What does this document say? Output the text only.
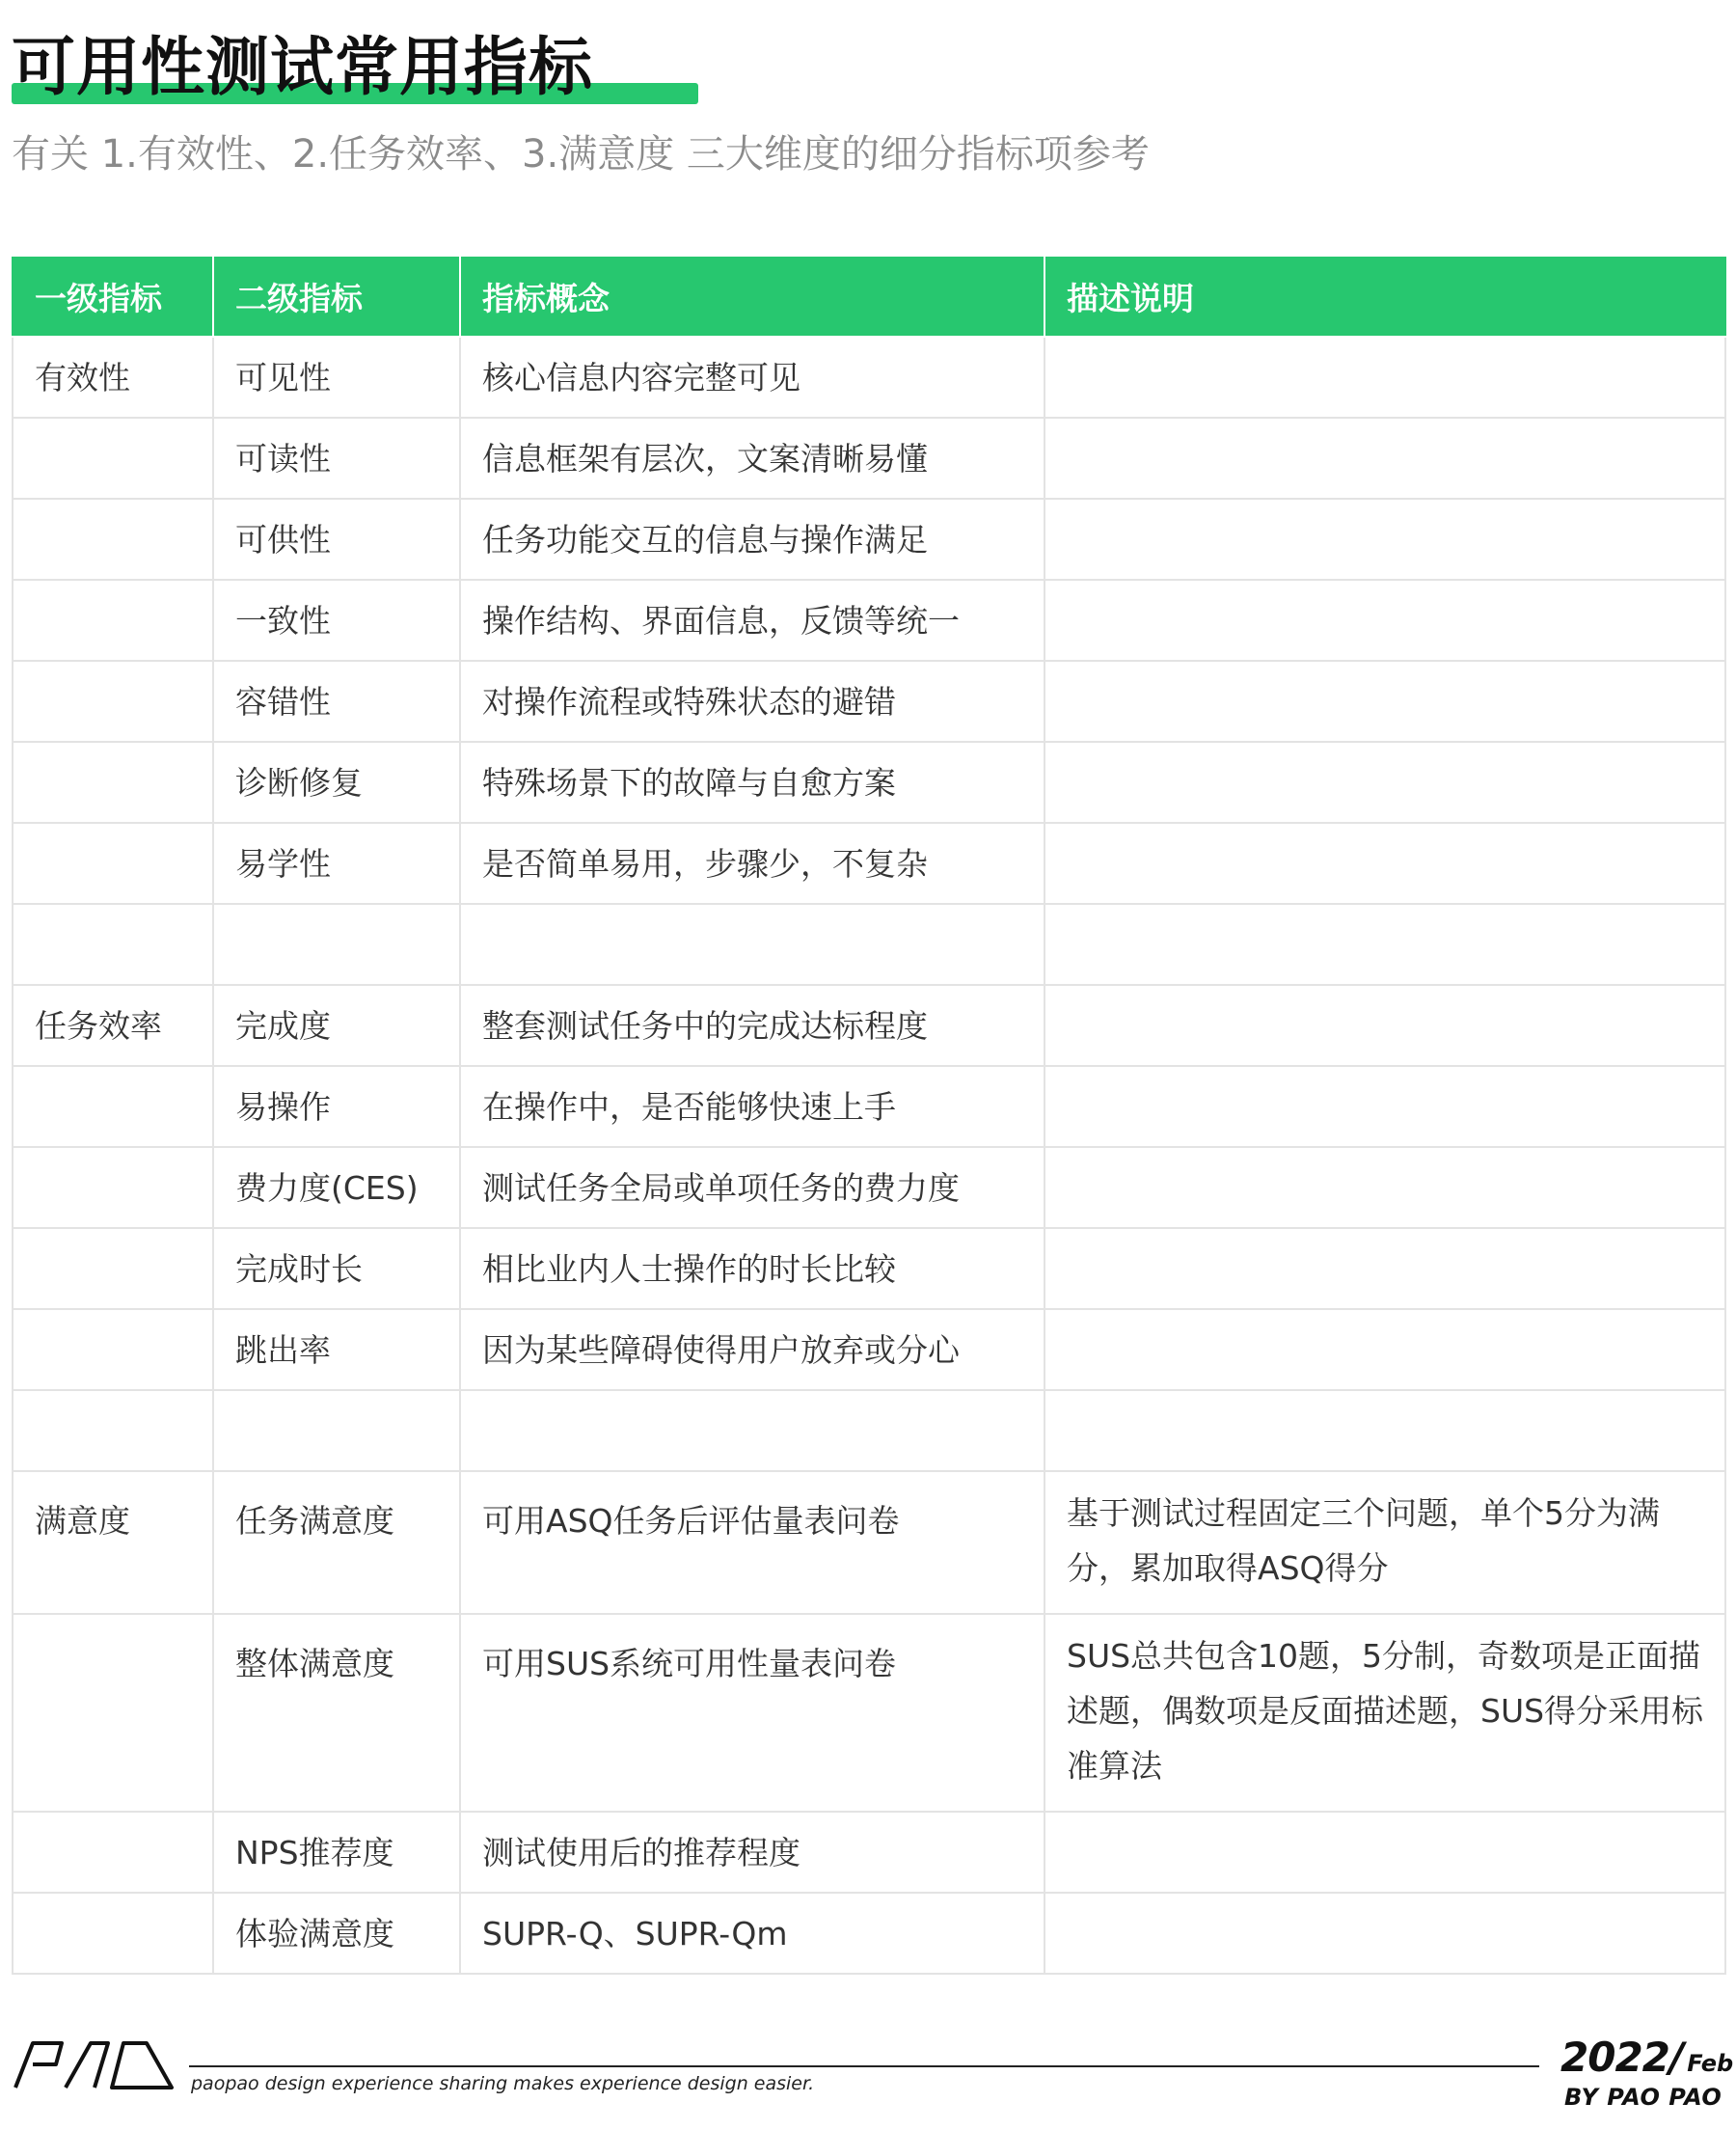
可用性测试常用指标
有关 1.有效性、2.任务效率、3.满意度 三大维度的细分指标项参考
一级指标	二级指标	指标概念	描述说明
有效性	可见性	核心信息内容完整可见	
	可读性	信息框架有层次，文案清晰易懂	
	可供性	任务功能交互的信息与操作满足	
	一致性	操作结构、界面信息，反馈等统一	
	容错性	对操作流程或特殊状态的避错	
	诊断修复	特殊场景下的故障与自愈方案	
	易学性	是否简单易用，步骤少，不复杂	

任务效率	完成度	整套测试任务中的完成达标程度	
	易操作	在操作中，是否能够快速上手	
	费力度(CES)	测试任务全局或单项任务的费力度	
	完成时长	相比业内人士操作的时长比较	
	跳出率	因为某些障碍使得用户放弃或分心	

满意度	任务满意度	可用ASQ任务后评估量表问卷	基于测试过程固定三个问题，单个5分为满分，累加取得ASQ得分
	整体满意度	可用SUS系统可用性量表问卷	SUS总共包含10题，5分制，奇数项是正面描述题，偶数项是反面描述题，SUS得分采用标准算法
	NPS推荐度	测试使用后的推荐程度	
	体验满意度	SUPR-Q、SUPR-Qm	
paopao design experience sharing makes experience design easier.
2022/ Feb
BY PAO PAO
